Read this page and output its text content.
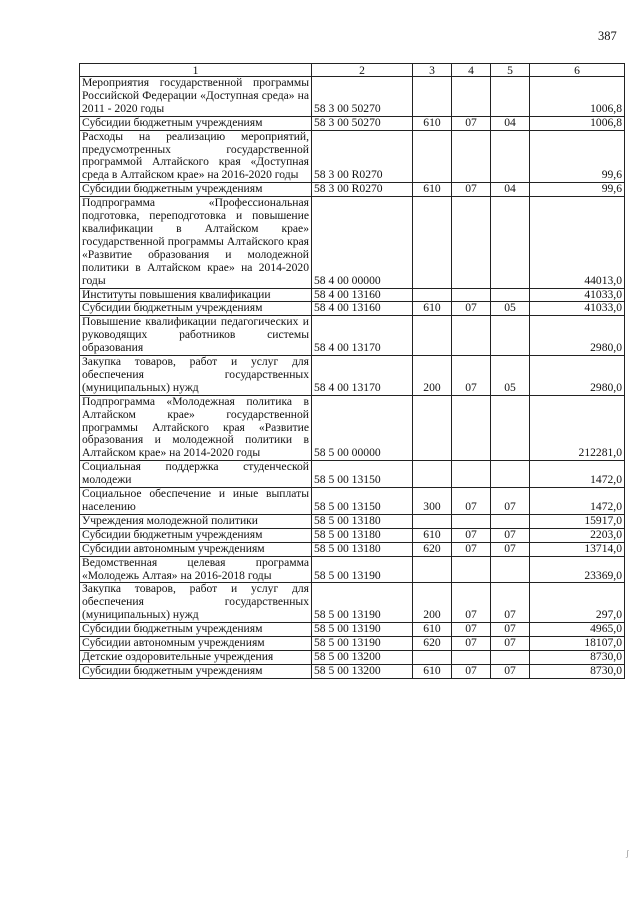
387
1	2	3	4	5	6
Мероприятия государственной программы Российской Федерации «Доступная среда» на 2011 - 2020 годы	58 3 00 50270				1006,8
Субсидии бюджетным учреждениям	58 3 00 50270	610	07	04	1006,8
Расходы на реализацию мероприятий, предусмотренных государственной программой Алтайского края «Доступная среда в Алтайском крае» на 2016-2020 годы	58 3 00 R0270				99,6
Субсидии бюджетным учреждениям	58 3 00 R0270	610	07	04	99,6
Подпрограмма «Профессиональная подготовка, переподготовка и повышение квалификации в Алтайском крае» государственной программы Алтайского края «Развитие образования и молодежной политики в Алтайском крае» на 2014-2020 годы	58 4 00 00000				44013,0
Институты повышения квалификации	58 4 00 13160				41033,0
Субсидии бюджетным учреждениям	58 4 00 13160	610	07	05	41033,0
Повышение квалификации педагогических и руководящих работников системы образования	58 4 00 13170				2980,0
Закупка товаров, работ и услуг для обеспечения государственных (муниципальных) нужд	58 4 00 13170	200	07	05	2980,0
Подпрограмма «Молодежная политика в Алтайском крае» государственной программы Алтайского края «Развитие образования и молодежной политики в Алтайском крае» на 2014-2020 годы	58 5 00 00000				212281,0
Социальная поддержка студенческой молодежи	58 5 00 13150				1472,0
Социальное обеспечение и иные выплаты населению	58 5 00 13150	300	07	07	1472,0
Учреждения молодежной политики	58 5 00 13180				15917,0
Субсидии бюджетным учреждениям	58 5 00 13180	610	07	07	2203,0
Субсидии автономным учреждениям	58 5 00 13180	620	07	07	13714,0
Ведомственная целевая программа «Молодежь Алтая» на 2016-2018 годы	58 5 00 13190				23369,0
Закупка товаров, работ и услуг для обеспечения государственных (муниципальных) нужд	58 5 00 13190	200	07	07	297,0
Субсидии бюджетным учреждениям	58 5 00 13190	610	07	07	4965,0
Субсидии автономным учреждениям	58 5 00 13190	620	07	07	18107,0
Детские оздоровительные учреждения	58 5 00 13200				8730,0
Субсидии бюджетным учреждениям	58 5 00 13200	610	07	07	8730,0
ʃ
